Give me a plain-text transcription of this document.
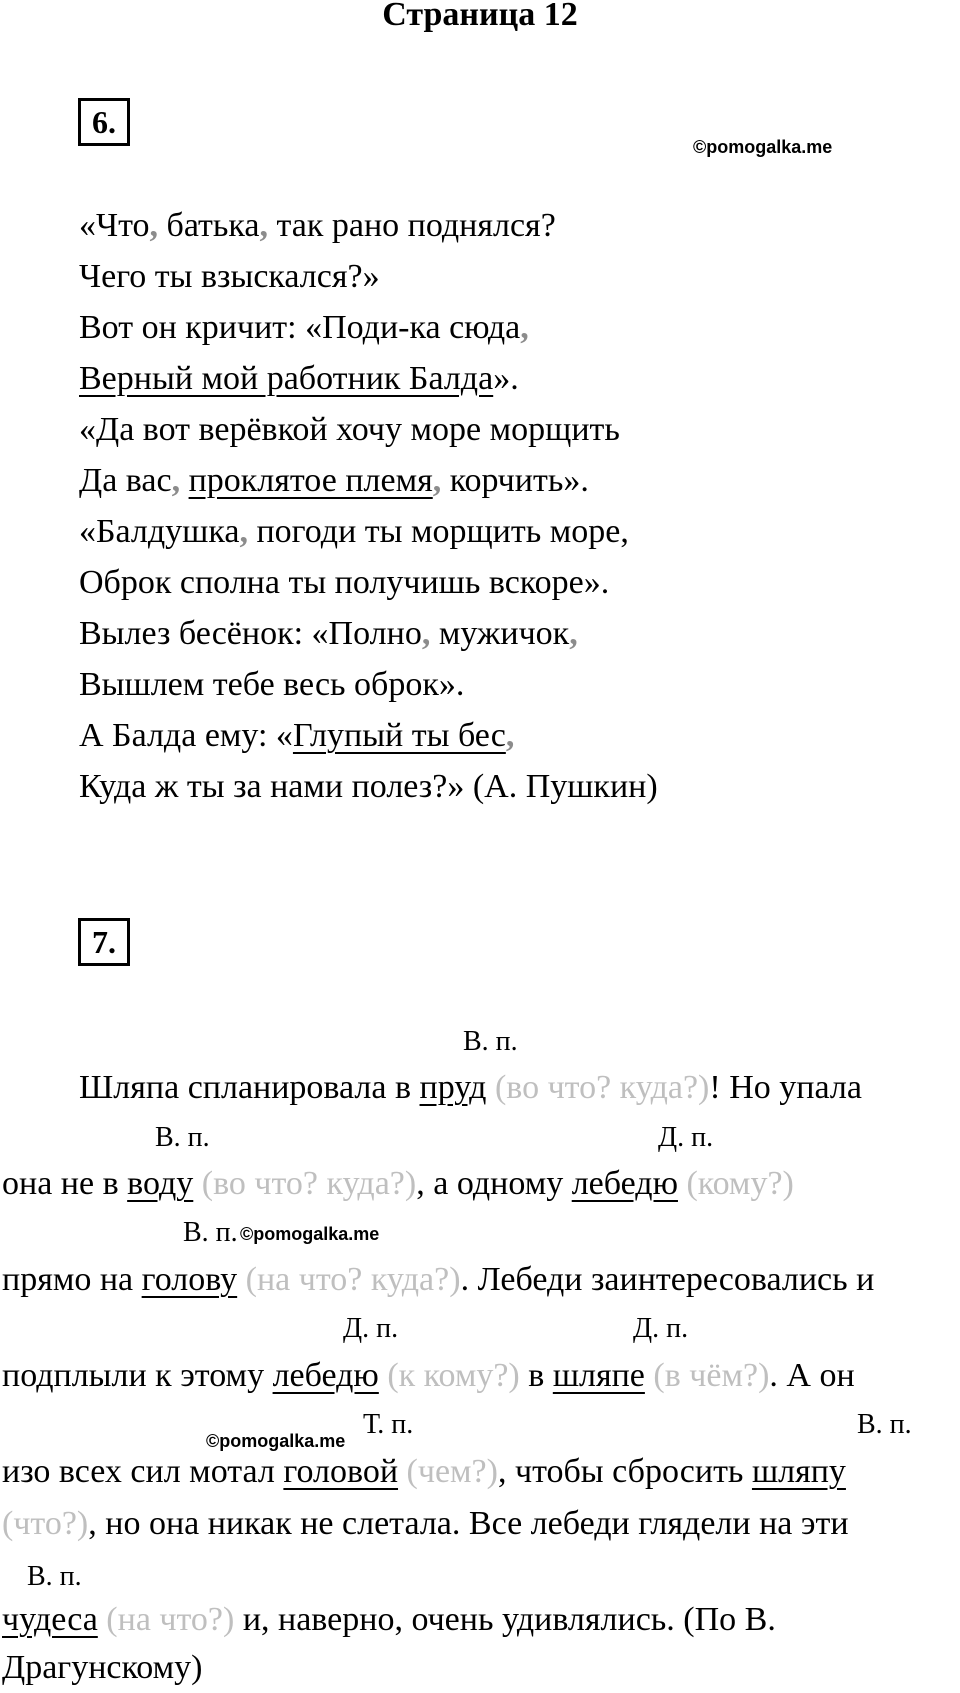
Страница 12
6.
©pomogalka.me
«Что, батька, так рано поднялся?
Чего ты взыскался?»
Вот он кричит: «Поди-ка сюда,
Верный мой работник Балда».
«Да вот верёвкой хочу море морщить
Да вас, проклятое племя, корчить».
«Балдушка, погоди ты морщить море,
Оброк сполна ты получишь вскоре».
Вылез бесёнок: «Полно, мужичок,
Вышлем тебе весь оброк».
А Балда ему: «Глупый ты бес,
Куда ж ты за нами полез?» (А. Пушкин)
7.
В. п.
В. п.	Д. п.
В. п. ©pomogalka.me
Д. п.	Д. п.
©pomogalka.me
Т. п.	В. п.
В. п.
Шляпа спланировала в пруд (во что? куда?)! Но упала
она не в воду (во что? куда?), а одному лебедю (кому?)
прямо на голову (на что? куда?). Лебеди заинтересовались и
подплыли к этому лебедю (к кому?) в шляпе (в чём?). А он
изо всех сил мотал головой (чем?), чтобы сбросить шляпу
(что?), но она никак не слетала. Все лебеди глядели на эти
чудеса (на что?) и, наверно, очень удивлялись. (По В.
Драгунскому)
